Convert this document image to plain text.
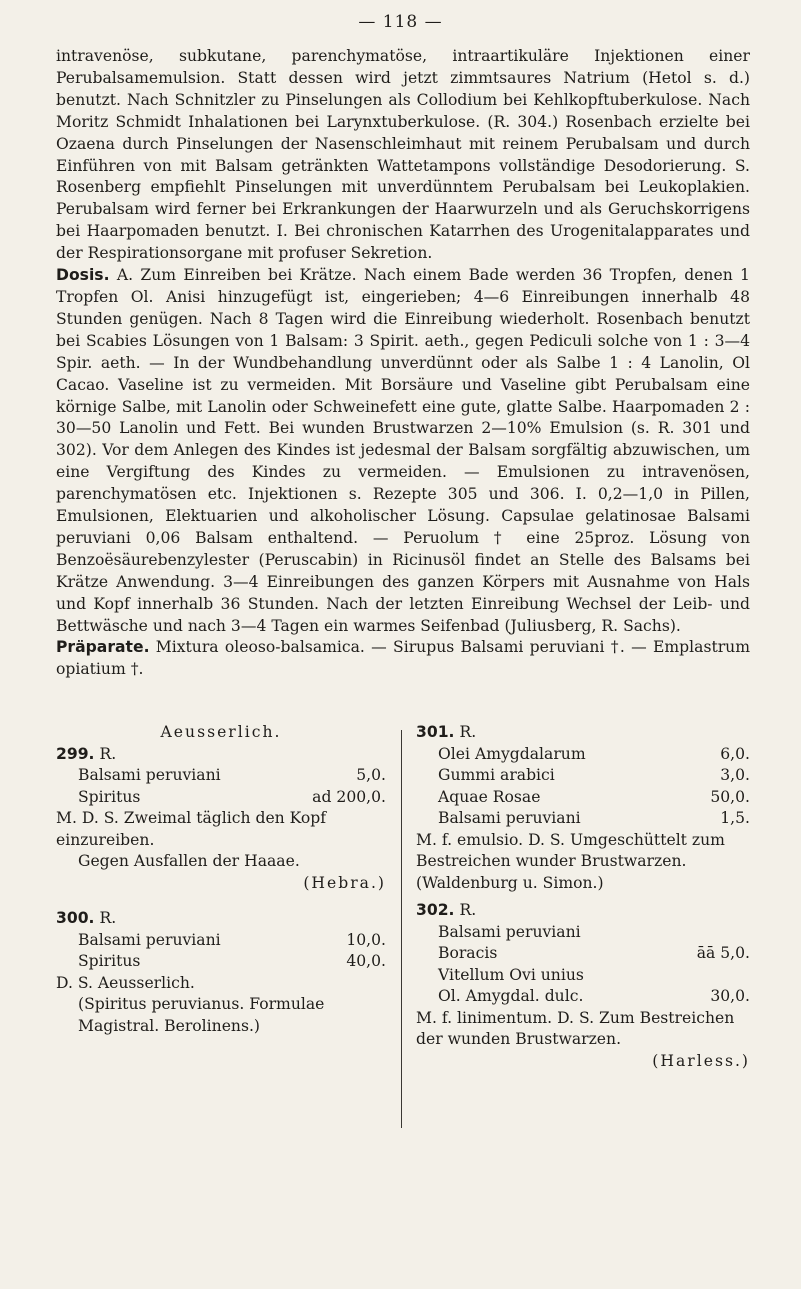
— 118 —

intravenöse, subkutane, parenchymatöse, intraartikuläre Injektionen einer Perubalsamemulsion. Statt dessen wird jetzt zimmtsaures Natrium (Hetol s. d.) benutzt. Nach Schnitzler zu Pinselungen als Collodium bei Kehlkopftuberkulose. Nach Moritz Schmidt Inhalationen bei Larynxtuberkulose. (R. 304.) Rosenbach erzielte bei Ozaena durch Pinselungen der Nasenschleimhaut mit reinem Perubalsam und durch Einführen von mit Balsam getränkten Wattetampons vollständige Desodorierung. S. Rosenberg empfiehlt Pinselungen mit unverdünntem Perubalsam bei Leukoplakien. Perubalsam wird ferner bei Erkrankungen der Haarwurzeln und als Geruchskorrigens bei Haarpomaden benutzt. I. Bei chronischen Katarrhen des Urogenitalapparates und der Respirationsorgane mit profuser Sekretion.

Dosis. A. Zum Einreiben bei Krätze. Nach einem Bade werden 36 Tropfen, denen 1 Tropfen Ol. Anisi hinzugefügt ist, eingerieben; 4—6 Einreibungen innerhalb 48 Stunden genügen. Nach 8 Tagen wird die Einreibung wiederholt. Rosenbach benutzt bei Scabies Lösungen von 1 Balsam: 3 Spirit. aeth., gegen Pediculi solche von 1 : 3—4 Spir. aeth. — In der Wundbehandlung unverdünnt oder als Salbe 1 : 4 Lanolin, Ol Cacao. Vaseline ist zu vermeiden. Mit Borsäure und Vaseline gibt Perubalsam eine körnige Salbe, mit Lanolin oder Schweinefett eine gute, glatte Salbe. Haarpomaden 2 : 30—50 Lanolin und Fett. Bei wunden Brustwarzen 2—10% Emulsion (s. R. 301 und 302). Vor dem Anlegen des Kindes ist jedesmal der Balsam sorgfältig abzuwischen, um eine Vergiftung des Kindes zu vermeiden. — Emulsionen zu intravenösen, parenchymatösen etc. Injektionen s. Rezepte 305 und 306. I. 0,2—1,0 in Pillen, Emulsionen, Elektuarien und alkoholischer Lösung. Capsulae gelatinosae Balsami peruviani 0,06 Balsam enthaltend. — Peruolum † eine 25proz. Lösung von Benzoësäurebenzylester (Peruscabin) in Ricinusöl findet an Stelle des Balsams bei Krätze Anwendung. 3—4 Einreibungen des ganzen Körpers mit Ausnahme von Hals und Kopf innerhalb 36 Stunden. Nach der letzten Einreibung Wechsel der Leib- und Bettwäsche und nach 3—4 Tagen ein warmes Seifenbad (Juliusberg, R. Sachs).

Präparate. Mixtura oleoso-balsamica. — Sirupus Balsami peruviani †. — Emplastrum opiatium †.

Aeusserlich.
299. R.
Balsami peruviani	5,0.
Spiritus	ad 200,0.
M. D. S. Zweimal täglich den Kopf einzureiben.
Gegen Ausfallen der Haaae.
(Hebra.)
300. R.
Balsami peruviani	10,0.
Spiritus	40,0.
D. S. Aeusserlich.
(Spiritus peruvianus. Formulae Magistral. Berolinens.)
301. R.
Olei Amygdalarum	6,0.
Gummi arabici	3,0.
Aquae Rosae	50,0.
Balsami peruviani	1,5.
M. f. emulsio. D. S. Umgeschüttelt zum Bestreichen wunder Brustwarzen. (Waldenburg u. Simon.)
302. R.
Balsami peruviani
Boracis	āā 5,0.
Vitellum Ovi unius
Ol. Amygdal. dulc.	30,0.
M. f. linimentum. D. S. Zum Bestreichen der wunden Brustwarzen.
(Harless.)
